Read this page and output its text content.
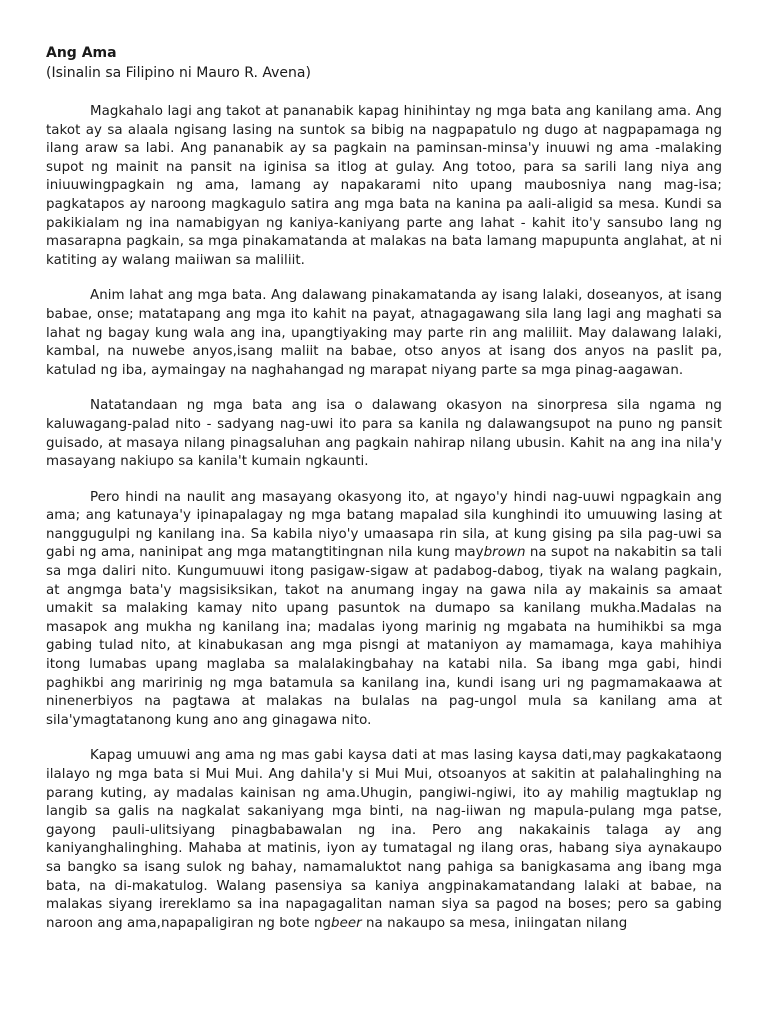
Ang Ama

(Isinalin sa Filipino ni Mauro R. Avena)

Magkahalo lagi ang takot at pananabik kapag hinihintay ng mga bata ang kanilang ama. Ang takot ay sa alaala ngisang lasing na suntok sa bibig na nagpapatulo ng dugo at nagpapamaga ng ilang araw sa labi. Ang pananabik ay sa pagkain na paminsan-minsa'y inuuwi ng ama -malaking supot ng mainit na pansit na iginisa sa itlog at gulay. Ang totoo, para sa sarili lang niya ang iniuuwingpagkain ng ama, lamang ay napakarami nito upang maubosniya nang mag-isa; pagkatapos ay naroong magkagulo satira ang mga bata na kanina pa aali-aligid sa mesa. Kundi sa pakikialam ng ina namabigyan ng kaniya-kaniyang parte ang lahat - kahit ito'y sansubo lang ng masarapna pagkain, sa mga pinakamatanda at malakas na bata lamang mapupunta anglahat, at ni katiting ay walang maiiwan sa maliliit.

Anim lahat ang mga bata. Ang dalawang pinakamatanda ay isang lalaki, doseanyos, at isang babae, onse; matatapang ang mga ito kahit na payat, atnagagawang sila lang lagi ang maghati sa lahat ng bagay kung wala ang ina, upangtiyaking may parte rin ang maliliit. May dalawang lalaki, kambal, na nuwebe anyos,isang maliit na babae, otso anyos at isang dos anyos na paslit pa, katulad ng iba, aymaingay na naghahangad ng marapat niyang parte sa mga pinag-aagawan.

Natatandaan ng mga bata ang isa o dalawang okasyon na sinorpresa sila ngama ng kaluwagang-palad nito - sadyang nag-uwi ito para sa kanila ng dalawangsupot na puno ng pansit guisado, at masaya nilang pinagsaluhan ang pagkain nahirap nilang ubusin. Kahit na ang ina nila'y masayang nakiupo sa kanila't kumain ngkaunti.

Pero hindi na naulit ang masayang okasyong ito, at ngayo'y hindi nag-uuwi ngpagkain ang ama; ang katunaya'y ipinapalagay ng mga batang mapalad sila kunghindi ito umuuwing lasing at nanggugulpi ng kanilang ina. Sa kabila niyo'y umaasapa rin sila, at kung gising pa sila pag-uwi sa gabi ng ama, naninipat ang mga matangtitingnan nila kung maybrown na supot na nakabitin sa tali sa mga daliri nito. Kungumuuwi itong pasigaw-sigaw at padabog-dabog, tiyak na walang pagkain, at angmga bata'y magsisiksikan, takot na anumang ingay na gawa nila ay makainis sa amaat umakit sa malaking kamay nito upang pasuntok na dumapo sa kanilang mukha.Madalas na masapok ang mukha ng kanilang ina; madalas iyong marinig ng mgabata na humihikbi sa mga gabing tulad nito, at kinabukasan ang mga pisngi at mataniyon ay mamamaga, kaya mahihiya itong lumabas upang maglaba sa malalakingbahay na katabi nila. Sa ibang mga gabi, hindi paghikbi ang maririnig ng mga batamula sa kanilang ina, kundi isang uri ng pagmamakaawa at ninenerbiyos na pagtawa at malakas na bulalas na pag-ungol mula sa kanilang ama at sila'ymagtatanong kung ano ang ginagawa nito.

Kapag umuuwi ang ama ng mas gabi kaysa dati at mas lasing kaysa dati,may pagkakataong ilalayo ng mga bata si Mui Mui. Ang dahila'y si Mui Mui, otsoanyos at sakitin at palahalinghing na parang kuting, ay madalas kainisan ng ama.Uhugin, pangiwi-ngiwi, ito ay mahilig magtuklap ng langib sa galis na nagkalat sakaniyang mga binti, na nag-iiwan ng mapula-pulang mga patse, gayong pauli-ulitsiyang pinagbabawalan ng ina. Pero ang nakakainis talaga ay ang kaniyanghalinghing. Mahaba at matinis, iyon ay tumatagal ng ilang oras, habang siya aynakaupo sa bangko sa isang sulok ng bahay, namamaluktot nang pahiga sa banigkasama ang ibang mga bata, na di-makatulog. Walang pasensiya sa kaniya angpinakamatandang lalaki at babae, na malakas siyang irereklamo sa ina napagagalitan naman siya sa pagod na boses; pero sa gabing naroon ang ama,napapaligiran ng bote ngbeer na nakaupo sa mesa, iniingatan nilang
